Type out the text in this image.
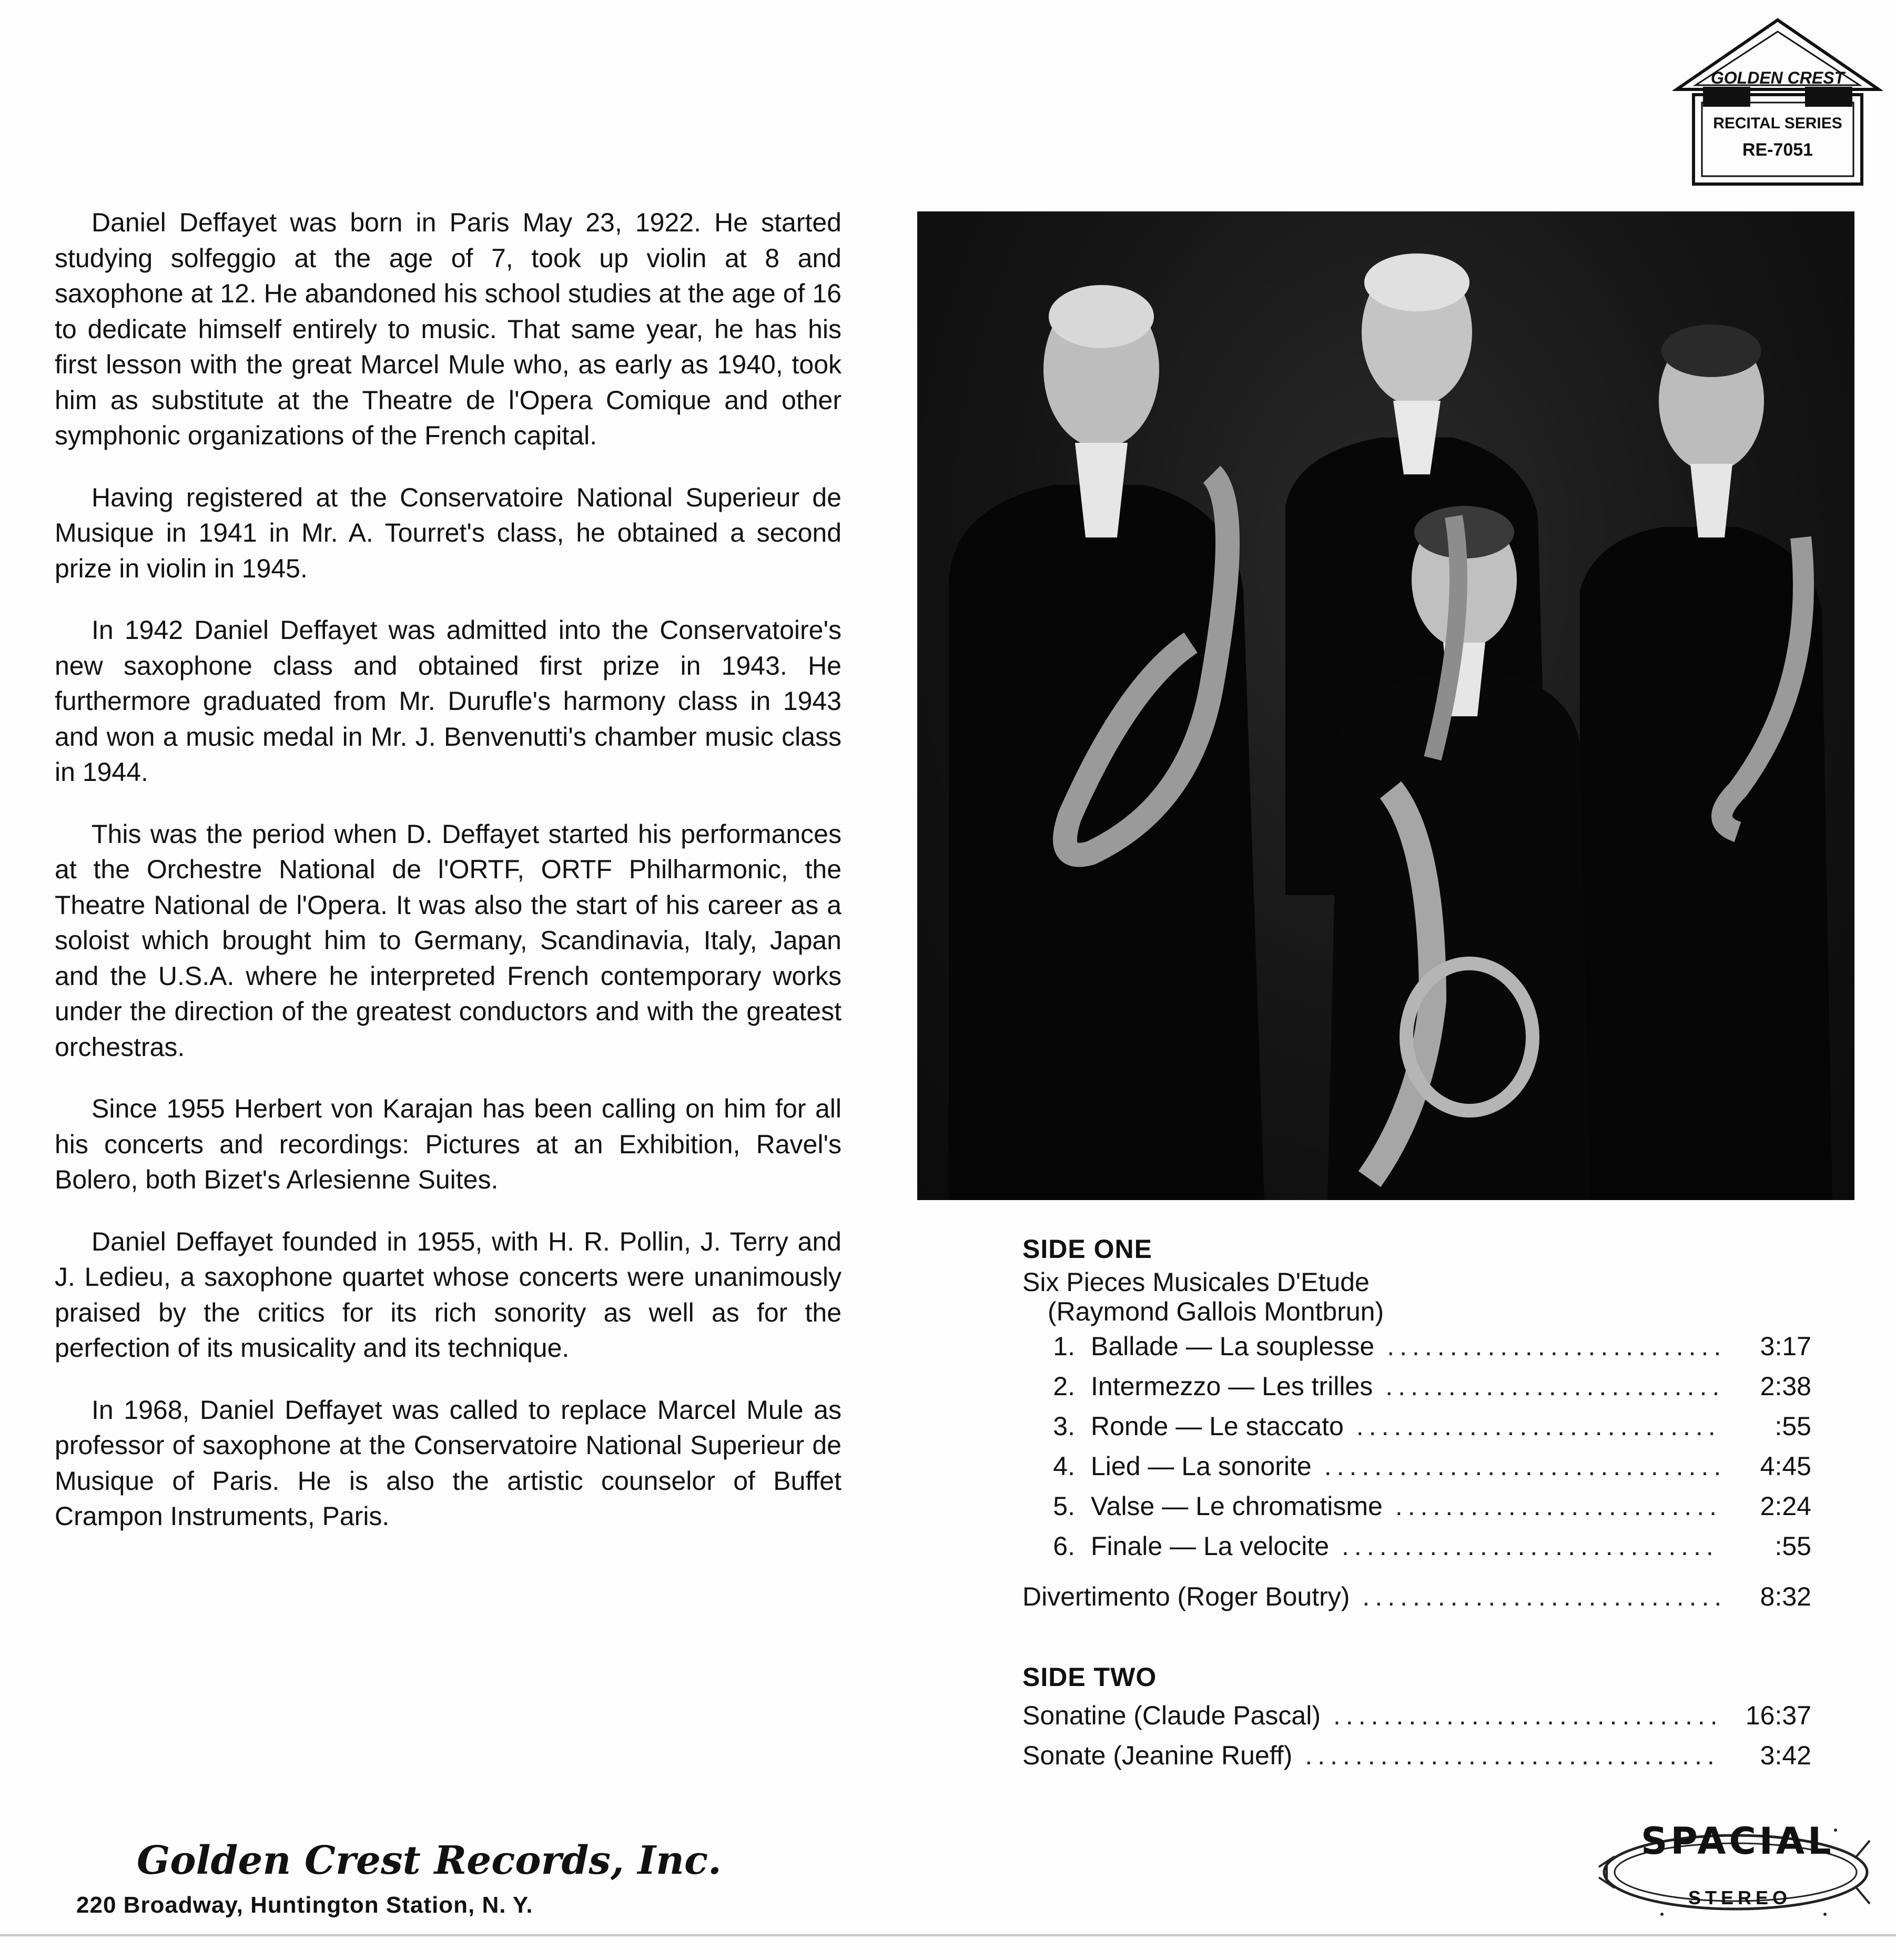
GOLDEN CREST
RECITAL SERIES
RE-7051

Daniel Deffayet was born in Paris May 23, 1922. He started studying solfeggio at the age of 7, took up violin at 8 and saxophone at 12. He abandoned his school studies at the age of 16 to dedicate himself entirely to music. That same year, he has his first lesson with the great Marcel Mule who, as early as 1940, took him as substitute at the Theatre de l'Opera Comique and other symphonic organizations of the French capital.

Having registered at the Conservatoire National Superieur de Musique in 1941 in Mr. A. Tourret's class, he obtained a second prize in violin in 1945.

In 1942 Daniel Deffayet was admitted into the Conservatoire's new saxophone class and obtained first prize in 1943. He furthermore graduated from Mr. Durufle's harmony class in 1943 and won a music medal in Mr. J. Benvenutti's chamber music class in 1944.

This was the period when D. Deffayet started his performances at the Orchestre National de l'ORTF, ORTF Philharmonic, the Theatre National de l'Opera. It was also the start of his career as a soloist which brought him to Germany, Scandinavia, Italy, Japan and the U.S.A. where he interpreted French contemporary works under the direction of the greatest conductors and with the greatest orchestras.

Since 1955 Herbert von Karajan has been calling on him for all his concerts and recordings: Pictures at an Exhibition, Ravel's Bolero, both Bizet's Arlesienne Suites.

Daniel Deffayet founded in 1955, with H. R. Pollin, J. Terry and J. Ledieu, a saxophone quartet whose concerts were unanimously praised by the critics for its rich sonority as well as for the perfection of its musicality and its technique.

In 1968, Daniel Deffayet was called to replace Marcel Mule as professor of saxophone at the Conservatoire National Superieur de Musique of Paris. He is also the artistic counselor of Buffet Crampon Instruments, Paris.

SIDE ONE
Six Pieces Musicales D'Etude
(Raymond Gallois Montbrun)
1. Ballade — La souplesse .....	3:17
2. Intermezzo — Les trilles .....	2:38
3. Ronde — Le staccato .....	:55
4. Lied — La sonorite .....	4:45
5. Valse — Le chromatisme .....	2:24
6. Finale — La velocite .....	:55
Divertimento (Roger Boutry) .....	8:32
SIDE TWO
Sonatine (Claude Pascal) .....	16:37
Sonate (Jeanine Rueff) .....	3:42
Golden Crest Records, Inc.
220 Broadway, Huntington Station, N. Y.
SPACIAL
STEREO
